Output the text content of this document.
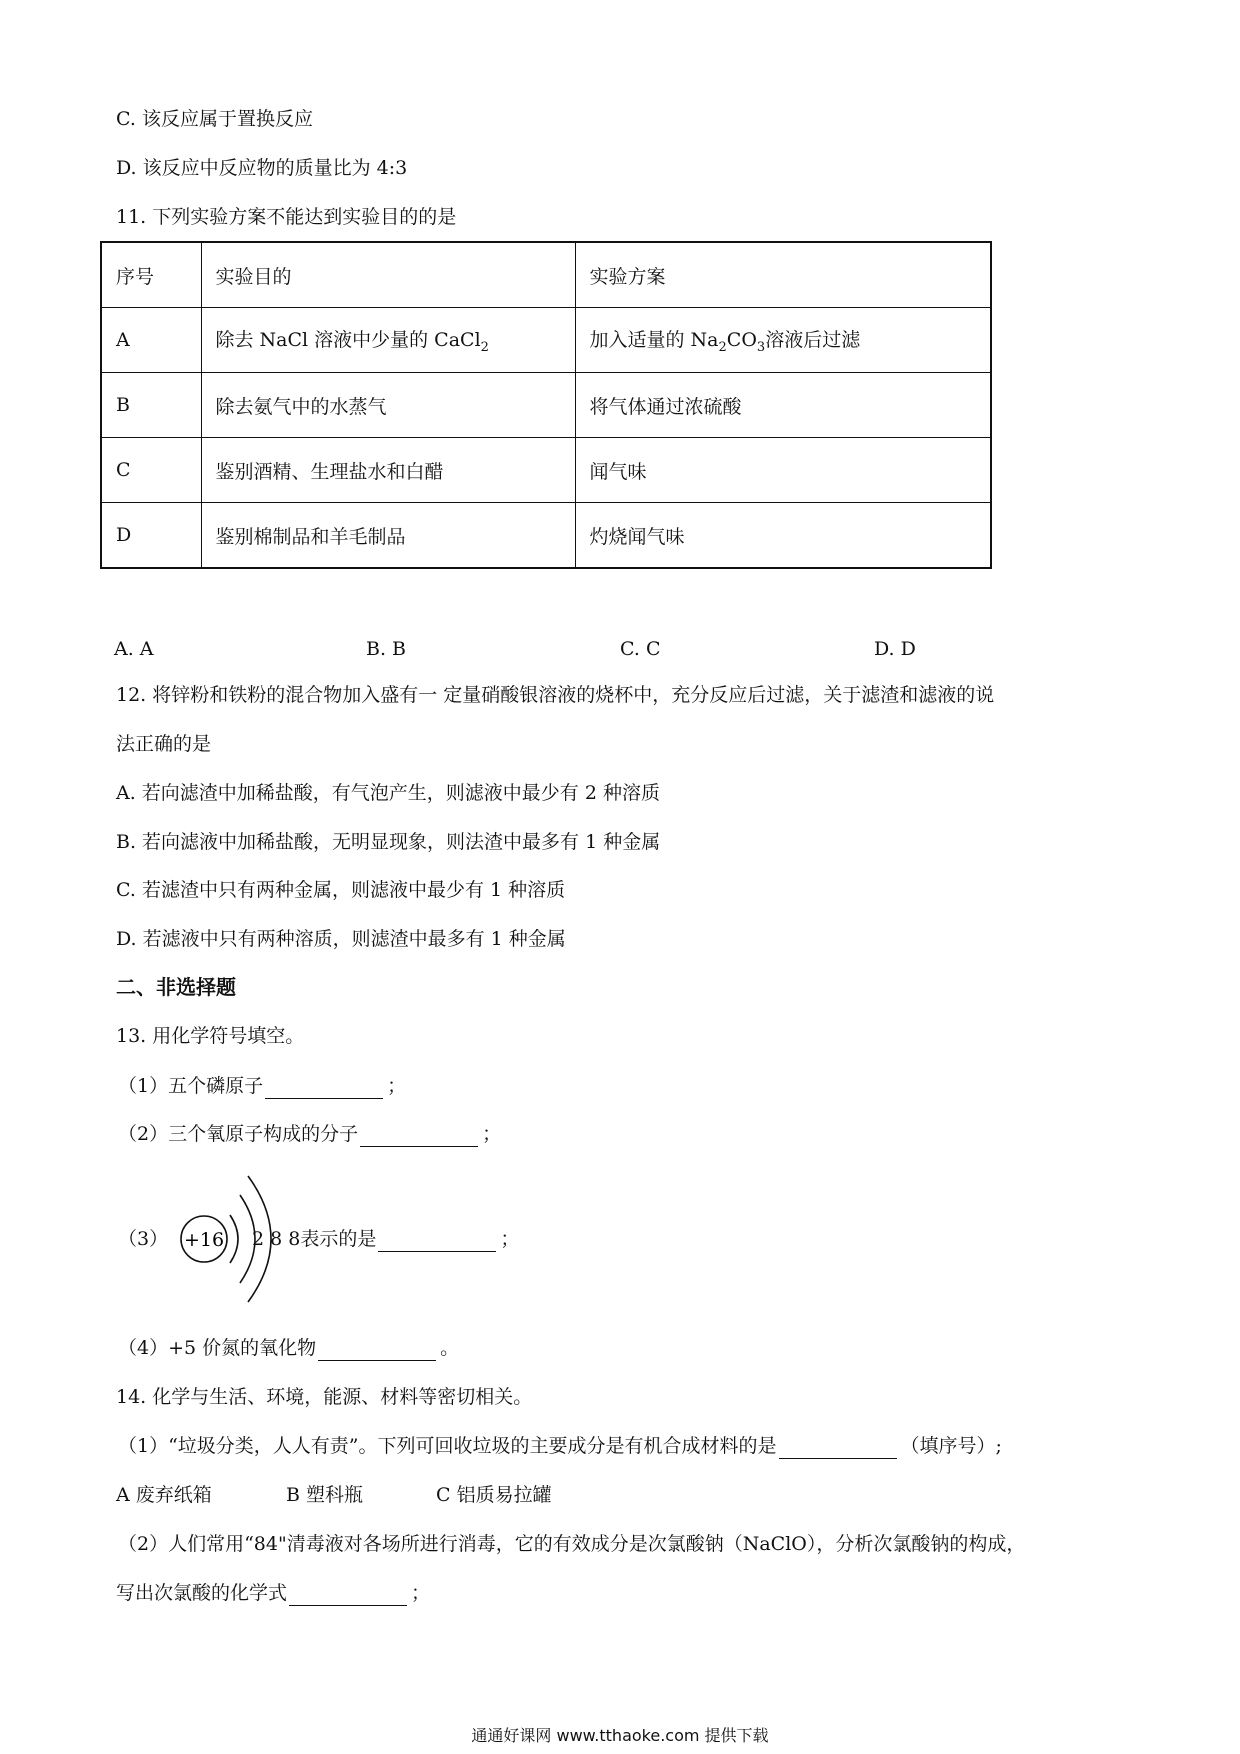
C. 该反应属于置换反应
D. 该反应中反应物的质量比为 4:3
11. 下列实验方案不能达到实验目的的是
序号	实验目的	实验方案
A	除去 NaCl 溶液中少量的 CaCl$_2$	加入适量的 $Na_2CO_3$溶液后过滤
B	除去氨气中的水蒸气	将气体通过浓硫酸
C	鉴别酒精、生理盐水和白醋	闻气味
D	鉴别棉制品和羊毛制品	灼烧闻气味
A. A	B. B	C. C	D. D
12. 将锌粉和铁粉的混合物加入盛有一 定量硝酸银溶液的烧杯中，充分反应后过滤，关于滤渣和滤液的说
法正确的是
A. 若向滤渣中加稀盐酸，有气泡产生，则滤液中最少有 2 种溶质
B. 若向滤液中加稀盐酸，无明显现象，则法渣中最多有 1 种金属
C. 若滤渣中只有两种金属，则滤液中最少有 1 种溶质
D. 若滤液中只有两种溶质，则滤渣中最多有 1 种金属
二、非选择题
13. 用化学符号填空。
（1）五个磷原子	；
（2）三个氧原子构成的分子	；
（3） +16 2 8 8表示的是	；
（4）+5 价氮的氧化物	。
14. 化学与生活、环境，能源、材料等密切相关。
（1）“垃圾分类，人人有责”。下列可回收垃圾的主要成分是有机合成材料的是	（填序号）;
A 废弃纸箱	B 塑科瓶	C 铝质易拉罐
（2）人们常用“84"清毒液对各场所进行消毒，它的有效成分是次氯酸钠（NaClO），分析次氯酸钠的构成，
写出次氯酸的化学式	；
通通好课网 www.tthaoke.com 提供下载
